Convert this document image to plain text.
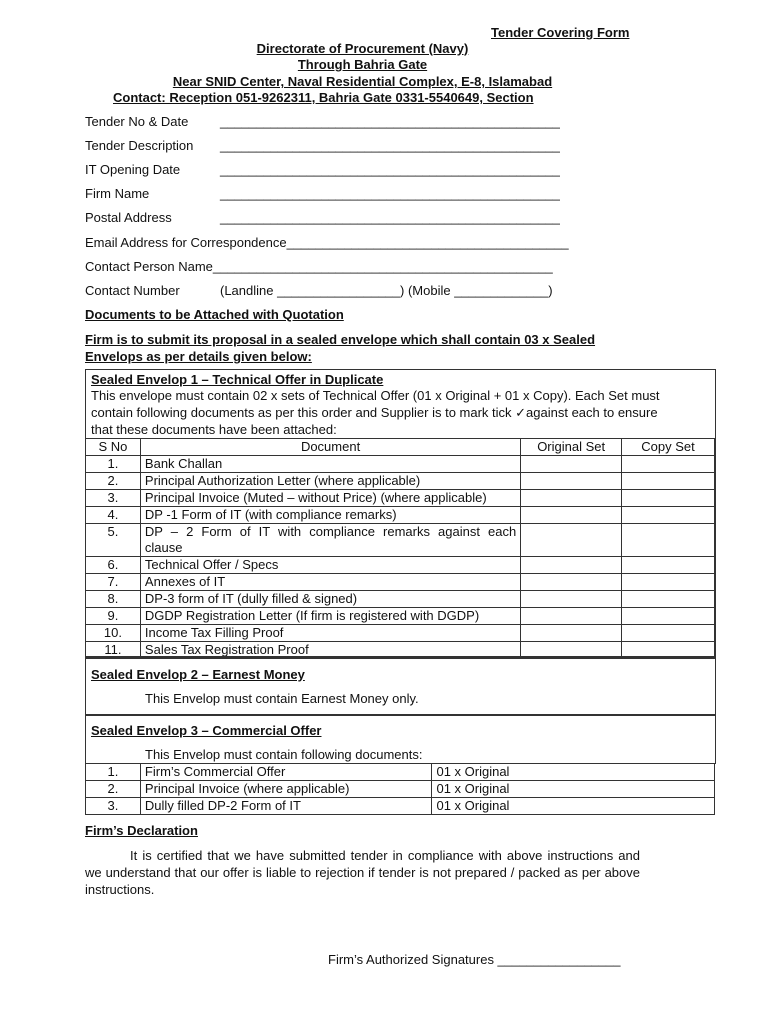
Tender Covering Form
Directorate of Procurement (Navy)
Through Bahria Gate
Near SNID Center, Naval Residential Complex, E-8, Islamabad
Contact: Reception 051-9262311, Bahria Gate 0331-5540649, Section
Tender No & Date _______________________________________________
Tender Description _______________________________________________
IT Opening Date	_______________________________________________
Firm Name	_______________________________________________
Postal Address	_______________________________________________
Email Address for Correspondence_______________________________________
Contact Person Name_______________________________________________
Contact Number	(Landline _________________) (Mobile _____________)
Documents to be Attached with Quotation
Firm is to submit its proposal in a sealed envelope which shall contain 03 x Sealed Envelops as per details given below:
Sealed Envelop 1 – Technical Offer in Duplicate
This envelope must contain 02 x sets of Technical Offer (01 x Original + 01 x Copy). Each Set must
contain following documents as per this order and Supplier is to mark tick ✓against each to ensure
that these documents have been attached:
S No	Document	Original Set	Copy Set
1.	Bank Challan		
2.	Principal Authorization Letter (where applicable)		
3.	Principal Invoice (Muted – without Price) (where applicable)		
4.	DP -1 Form of IT (with compliance remarks)		
5.	DP – 2 Form of IT with compliance remarks against each
clause		

6.	Technical Offer / Specs		
7.	Annexes of IT		
8.	DP-3 form of IT (dully filled & signed)		
9.	DGDP Registration Letter (If firm is registered with DGDP)		
10.	Income Tax Filling Proof		
11.	Sales Tax Registration Proof		
Sealed Envelop 2 – Earnest Money
This Envelop must contain Earnest Money only.
Sealed Envelop 3 – Commercial Offer
This Envelop must contain following documents:
1.	Firm’s Commercial Offer	01 x Original
2.	Principal Invoice (where applicable)	01 x Original
3.	Dully filled DP-2 Form of IT	01 x Original
Firm’s Declaration
It is certified that we have submitted tender in compliance with above instructions and we understand that our offer is liable to rejection if tender is not prepared / packed as per above instructions.
Firm’s Authorized Signatures _________________
